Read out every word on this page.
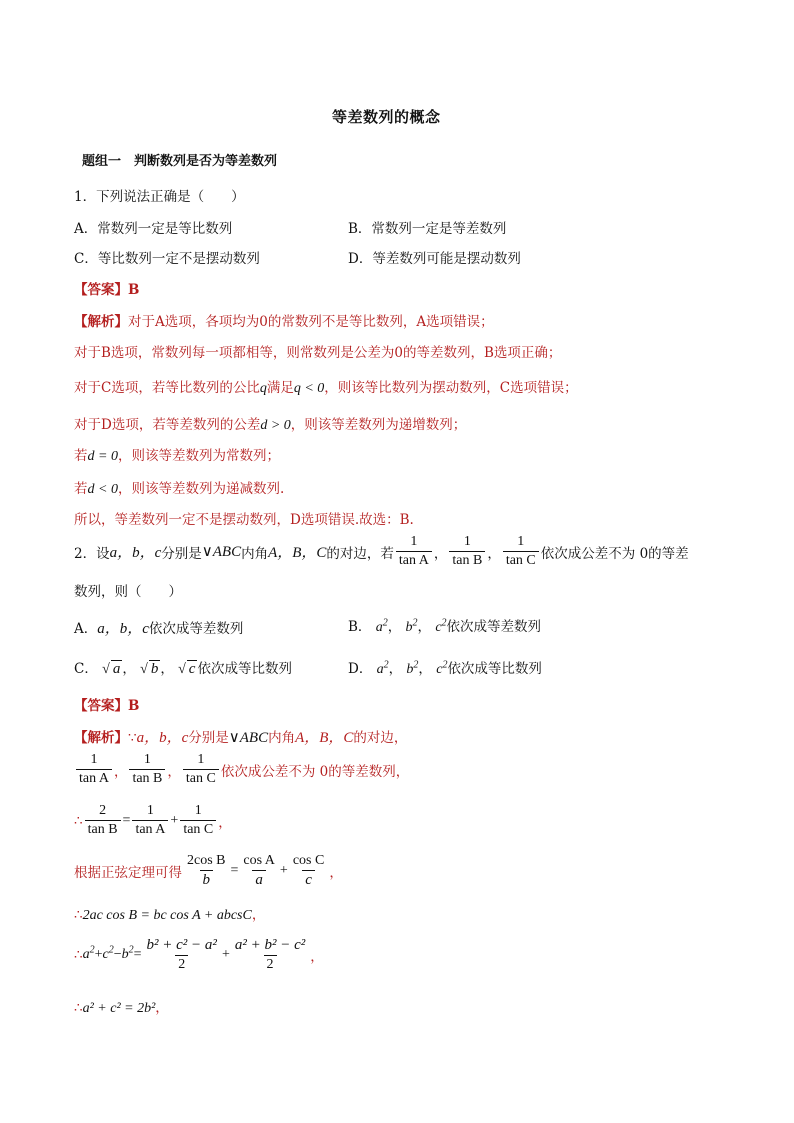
等差数列的概念
题组一　判断数列是否为等差数列
1．下列说法正确是（　　）
A．常数列一定是等比数列	B．常数列一定是等差数列
C．等比数列一定不是摆动数列	D．等差数列可能是摆动数列
【答案】B
【解析】对于A选项，各项均为0的常数列不是等比数列，A选项错误；
对于B选项，常数列每一项都相等，则常数列是公差为0的等差数列，B选项正确；
对于C选项，若等比数列的公比q满足q < 0，则该等比数列为摆动数列，C选项错误；
对于D选项，若等差数列的公差d > 0，则该等差数列为递增数列；
若d = 0，则该等差数列为常数列；
若d < 0，则该等差数列为递减数列.
所以，等差数列一定不是摆动数列，D选项错误.故选：B.
2．设 a，b，c 分别是 ∨ABC 内角 A，B，C 的对边，若 $\frac{1}{\text{tan A}}$ ， $\frac{1}{\text{tan B}}$ ， $\frac{1}{\text{tan C}}$ 依次成公差不为 0的等差
数列，则（　　）
A．a，b，c依次成等差数列	B． $a^2$， $b^2$， $c^2$依次成等差数列
C． √ a ， √ b ， √ c 依次成等比数列	D． $a^2$， $b^2$， $c^2$依次成等比数列
【答案】B
【解析】∵a，b，c分别是∨ABC内角A，B，C的对边，
$\frac{1}{\text{tan A}}$ ， $\frac{1}{\text{tan B}}$ ， $\frac{1}{\text{tan C}}$ 依次成公差不为 0的等差数列，
∴ $\frac{2}{\text{tan B}} = \frac{1}{\text{tan A}} + \frac{1}{\text{tan C}}$ ，
根据正弦定理可得 $\frac{\text{2cos B}}{b} = \frac{\text{cos A}}{a} + \frac{\text{cos C}}{c}$ ，
∴2ac cos B = bc cos A + abcsC，
∴ $a^2 + c^2 - b^2 = \frac{\text{b² + c² − a²}}{2} + \frac{\text{a² + b² − c²}}{2}$ ，
∴a² + c² = 2b²，
